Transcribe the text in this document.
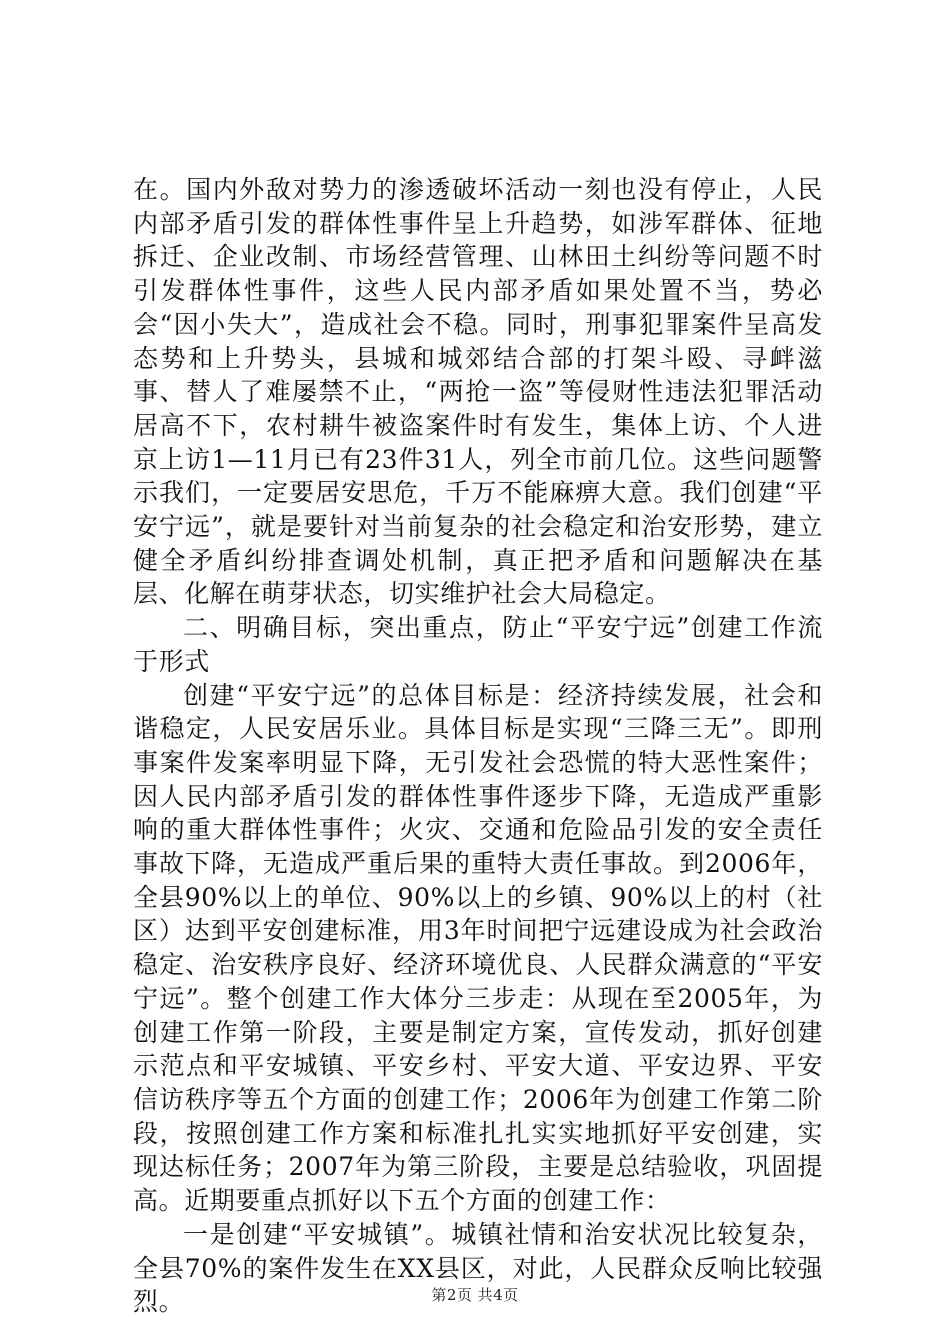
在。国内外敌对势力的渗透破坏活动一刻也没有停止，人民内部矛盾引发的群体性事件呈上升趋势，如涉军群体、征地拆迁、企业改制、市场经营管理、山林田土纠纷等问题不时引发群体性事件，这些人民内部矛盾如果处置不当，势必会“因小失大”，造成社会不稳。同时，刑事犯罪案件呈高发态势和上升势头，县城和城郊结合部的打架斗殴、寻衅滋事、替人了难屡禁不止，“两抢一盗”等侵财性违法犯罪活动居高不下，农村耕牛被盗案件时有发生，集体上访、个人进京上访1—11月已有23件31人，列全市前几位。这些问题警示我们，一定要居安思危，千万不能麻痹大意。我们创建“平安宁远”，就是要针对当前复杂的社会稳定和治安形势，建立健全矛盾纠纷排查调处机制，真正把矛盾和问题解决在基层、化解在萌芽状态，切实维护社会大局稳定。

二、明确目标，突出重点，防止“平安宁远”创建工作流于形式

创建“平安宁远”的总体目标是：经济持续发展，社会和谐稳定，人民安居乐业。具体目标是实现“三降三无”。即刑事案件发案率明显下降，无引发社会恐慌的特大恶性案件；因人民内部矛盾引发的群体性事件逐步下降，无造成严重影响的重大群体性事件；火灾、交通和危险品引发的安全责任事故下降，无造成严重后果的重特大责任事故。到2006年，全县90%以上的单位、90%以上的乡镇、90%以上的村（社区）达到平安创建标准，用3年时间把宁远建设成为社会政治稳定、治安秩序良好、经济环境优良、人民群众满意的“平安宁远”。整个创建工作大体分三步走：从现在至2005年，为创建工作第一阶段，主要是制定方案，宣传发动，抓好创建示范点和平安城镇、平安乡村、平安大道、平安边界、平安信访秩序等五个方面的创建工作；2006年为创建工作第二阶段，按照创建工作方案和标准扎扎实实地抓好平安创建，实现达标任务；2007年为第三阶段，主要是总结验收，巩固提高。近期要重点抓好以下五个方面的创建工作：

一是创建“平安城镇”。城镇社情和治安状况比较复杂，全县70%的案件发生在XX县区，对此，人民群众反响比较强烈。	第2页 共4页
